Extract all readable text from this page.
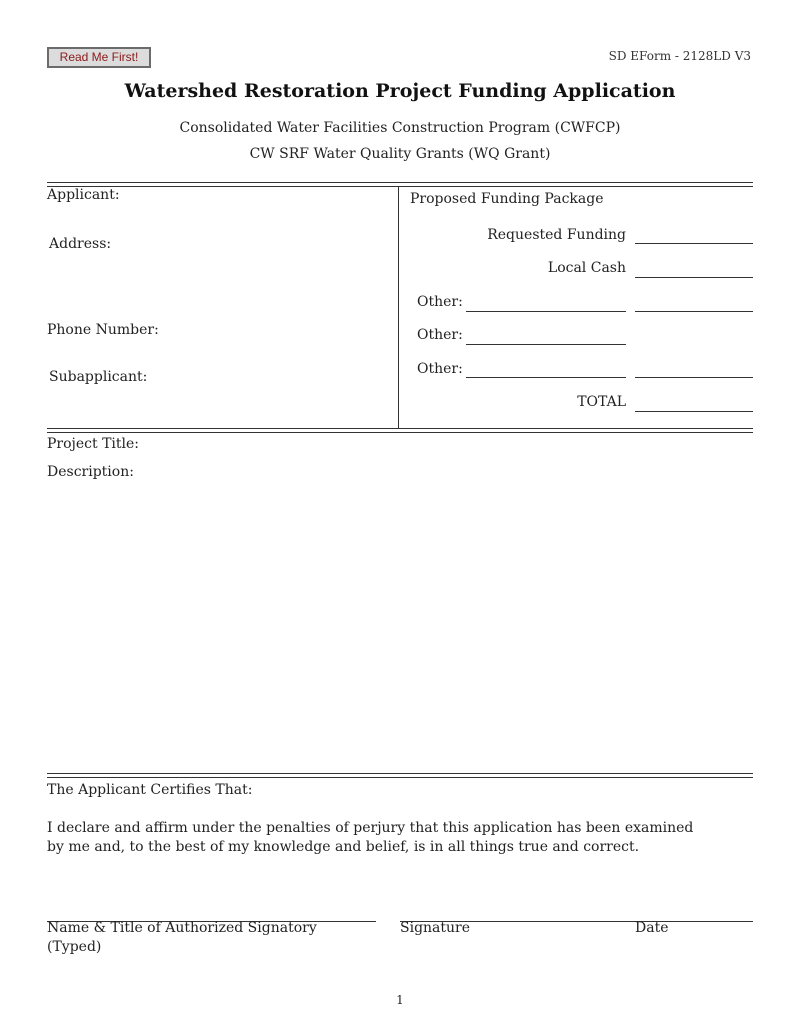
Read Me First!	SD EForm - 2128LD V3
Watershed Restoration Project Funding Application
Consolidated Water Facilities Construction Program (CWFCP)
CW SRF Water Quality Grants (WQ Grant)
Applicant:
Address:
Phone Number:
Subapplicant:
Proposed Funding Package
Requested Funding
Local Cash
Other:
Other:
Other:
TOTAL
Project Title:
Description:
The Applicant Certifies That:

I declare and affirm under the penalties of perjury that this application has been examined

by me and, to the best of my knowledge and belief, is in all things true and correct.

Name & Title of Authorized Signatory
(Typed)
Signature	Date
1
